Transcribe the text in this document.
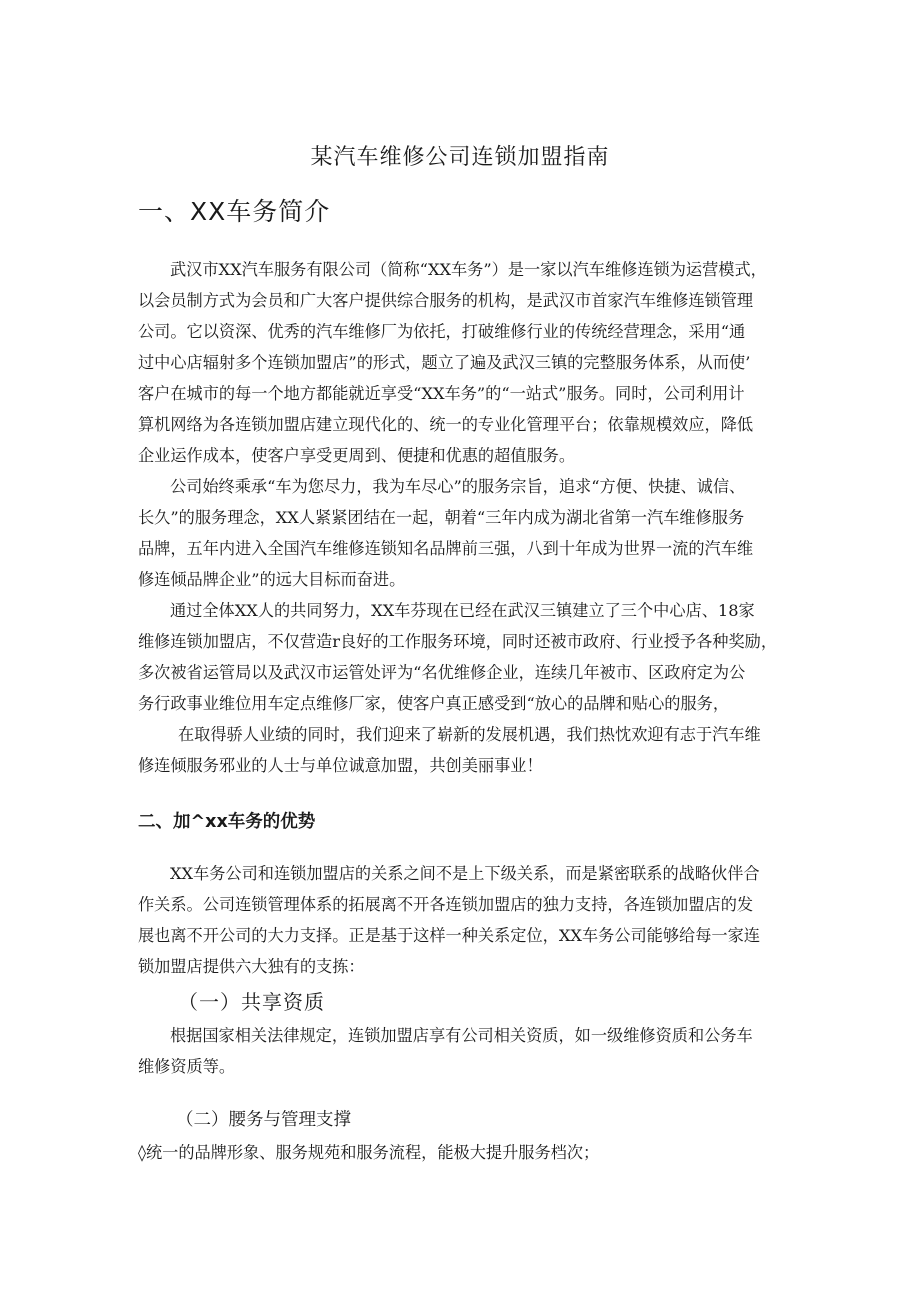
某汽车维修公司连锁加盟指南
一、XX车务简介
武汉市XX汽车服务有限公司（简称“XX车务”）是一家以汽车维修连锁为运营模式，
以会员制方式为会员和广大客户提供综合服务的机构，是武汉市首家汽车维修连锁管理
公司。它以资深、优秀的汽车维修厂为依托，打破维修行业的传统经营理念，采用“通
过中心店辐射多个连锁加盟店”的形式，题立了遍及武汉三镇的完整服务体系，从而使’
客户在城市的每一个地方都能就近享受“XX车务”的“一站式”服务。同时，公司利用计
算机网络为各连锁加盟店建立现代化的、统一的专业化管理平台；依靠规模效应，降低
企业运作成本，使客户享受更周到、便捷和优惠的超值服务。
公司始终乘承“车为您尽力，我为车尽心”的服务宗旨，追求“方便、快捷、诚信、
长久”的服务理念，XX人紧紧团结在一起，朝着“三年内成为湖北省第一汽车维修服务
品牌，五年内进入全国汽车维修连锁知名品牌前三强，八到十年成为世界一流的汽车维
修连倾品牌企业”的远大目标而奋进。
通过全体XX人的共同努力，XX车芬现在已经在武汉三镇建立了三个中心店、18家
维修连锁加盟店，不仅营造r良好的工作服务环境，同时还被市政府、行业授予各种奖励，
多次被省运管局以及武汉市运管处评为“名优维修企业，连续几年被市、区政府定为公
务行政事业维位用车定点维修厂家，使客户真正感受到“放心的品牌和贴心的服务，
在取得骄人业绩的同时，我们迎来了崭新的发展机遇，我们热忱欢迎有志于汽车维
修连倾服务邪业的人士与单位诚意加盟，共创美丽事业！
二、加^xx车务的优势
XX车务公司和连锁加盟店的关系之间不是上下级关系，而是紧密联系的战略伙伴合
作关系。公司连锁管理体系的拓展离不开各连锁加盟店的独力支持，各连锁加盟店的发
展也离不开公司的大力支择。正是基于这样一种关系定位，XX车务公司能够给每一家连
锁加盟店提供六大独有的支拣：
（一）共享资质
根据国家相关法律规定，连锁加盟店享有公司相关资质，如一级维修资质和公务车
维修资质等。
（二）腰务与管理支撑
◊统一的品牌形象、服务规苑和服务流程，能极大提升服务档次；
